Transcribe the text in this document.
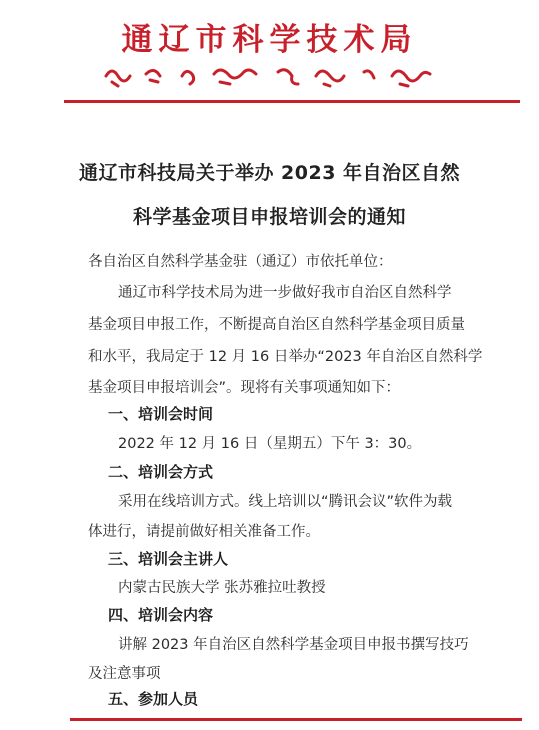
通辽市科学技术局
通辽市科技局关于举办 2023 年自治区自然
科学基金项目申报培训会的通知
各自治区自然科学基金驻（通辽）市依托单位：
通辽市科学技术局为进一步做好我市自治区自然科学
基金项目申报工作，不断提高自治区自然科学基金项目质量
和水平，我局定于 12 月 16 日举办“2023 年自治区自然科学
基金项目申报培训会”。现将有关事项通知如下：
一、培训会时间
2022 年 12 月 16 日（星期五）下午 3：30。
二、培训会方式
采用在线培训方式。线上培训以“腾讯会议”软件为载
体进行，请提前做好相关准备工作。
三、培训会主讲人
内蒙古民族大学 张苏雅拉吐教授
四、培训会内容
讲解 2023 年自治区自然科学基金项目申报书撰写技巧
及注意事项
五、参加人员
